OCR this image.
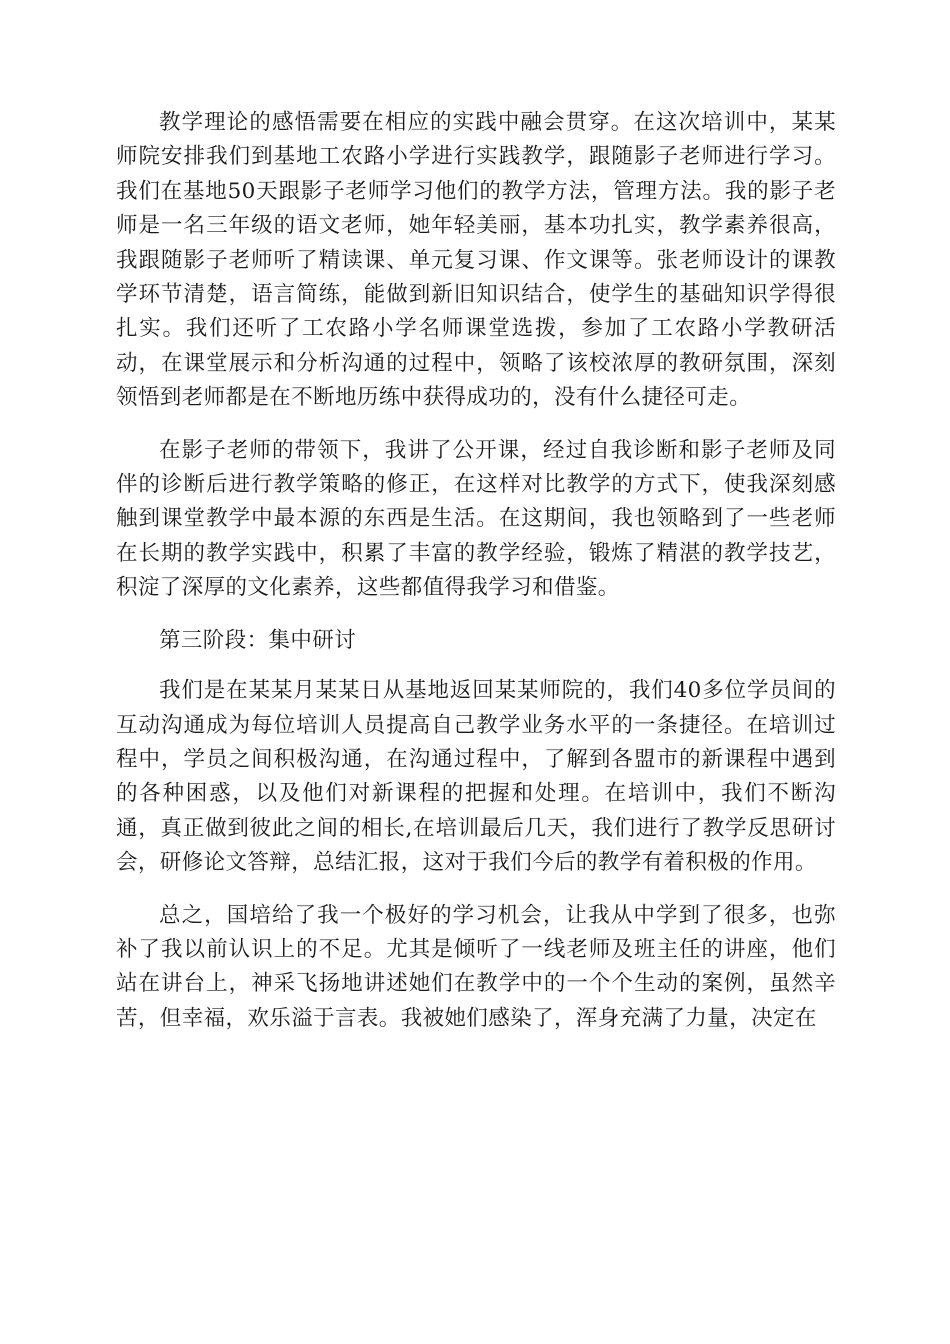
教学理论的感悟需要在相应的实践中融会贯穿。在这次培训中，某某师院安排我们到基地工农路小学进行实践教学，跟随影子老师进行学习。我们在基地50天跟影子老师学习他们的教学方法，管理方法。我的影子老师是一名三年级的语文老师，她年轻美丽，基本功扎实，教学素养很高，我跟随影子老师听了精读课、单元复习课、作文课等。张老师设计的课教学环节清楚，语言简练，能做到新旧知识结合，使学生的基础知识学得很扎实。我们还听了工农路小学名师课堂选拨，参加了工农路小学教研活动，在课堂展示和分析沟通的过程中，领略了该校浓厚的教研氛围，深刻领悟到老师都是在不断地历练中获得成功的，没有什么捷径可走。

在影子老师的带领下，我讲了公开课，经过自我诊断和影子老师及同伴的诊断后进行教学策略的修正，在这样对比教学的方式下，使我深刻感触到课堂教学中最本源的东西是生活。在这期间，我也领略到了一些老师在长期的教学实践中，积累了丰富的教学经验，锻炼了精湛的教学技艺，积淀了深厚的文化素养，这些都值得我学习和借鉴。

第三阶段：集中研讨

我们是在某某月某某日从基地返回某某师院的，我们40多位学员间的互动沟通成为每位培训人员提高自己教学业务水平的一条捷径。在培训过程中，学员之间积极沟通，在沟通过程中，了解到各盟市的新课程中遇到的各种困惑，以及他们对新课程的把握和处理。在培训中，我们不断沟通，真正做到彼此之间的相长,在培训最后几天，我们进行了教学反思研讨会，研修论文答辩，总结汇报，这对于我们今后的教学有着积极的作用。

总之，国培给了我一个极好的学习机会，让我从中学到了很多，也弥补了我以前认识上的不足。尤其是倾听了一线老师及班主任的讲座，他们站在讲台上，神采飞扬地讲述她们在教学中的一个个生动的案例，虽然辛苦，但幸福，欢乐溢于言表。我被她们感染了，浑身充满了力量，决定在
